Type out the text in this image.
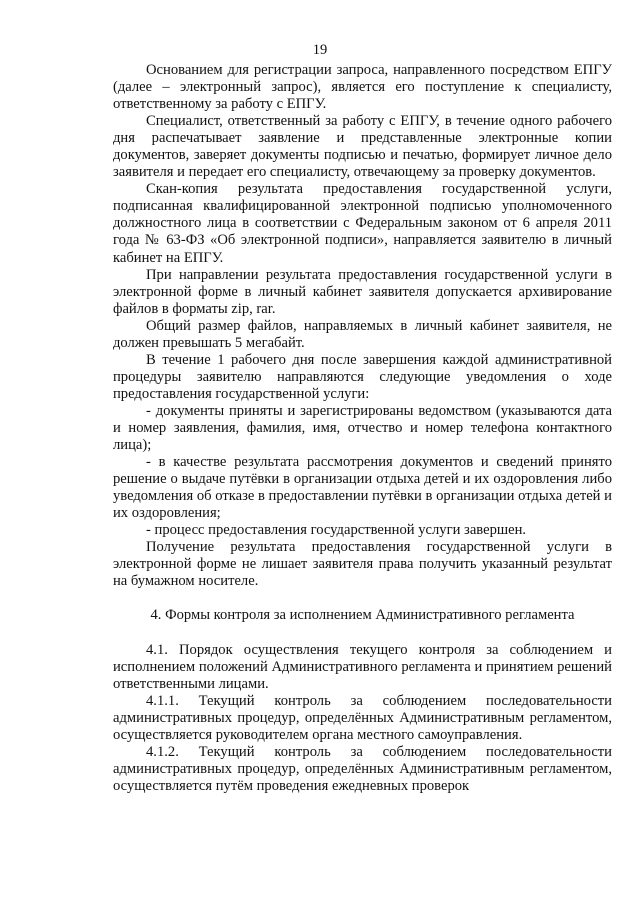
19

Основанием для регистрации запроса, направленного посредством ЕПГУ (далее – электронный запрос), является его поступление к специалисту, ответственному за работу с ЕПГУ.

Специалист, ответственный за работу с ЕПГУ, в течение одного рабочего дня распечатывает заявление и представленные электронные копии документов, заверяет документы подписью и печатью, формирует личное дело заявителя и передает его специалисту, отвечающему за проверку документов.

Скан-копия результата предоставления государственной услуги, подписанная квалифицированной электронной подписью уполномоченного должностного лица в соответствии с Федеральным законом от 6 апреля 2011 года № 63-ФЗ «Об электронной подписи», направляется заявителю в личный кабинет на ЕПГУ.

При направлении результата предоставления государственной услуги в электронной форме в личный кабинет заявителя допускается архивирование файлов в форматы zip, rar.

Общий размер файлов, направляемых в личный кабинет заявителя, не должен превышать 5 мегабайт.

В течение 1 рабочего дня после завершения каждой административной процедуры заявителю направляются следующие уведомления о ходе предоставления государственной услуги:

- документы приняты и зарегистрированы ведомством (указываются дата и номер заявления, фамилия, имя, отчество и номер телефона контактного лица);

- в качестве результата рассмотрения документов и сведений принято решение о выдаче путёвки в организации отдыха детей и их оздоровления либо уведомления об отказе в предоставлении путёвки в организации отдыха детей и их оздоровления;

- процесс предоставления государственной услуги завершен.

Получение результата предоставления государственной услуги в электронной форме не лишает заявителя права получить указанный результат на бумажном носителе.

4. Формы контроля за исполнением Административного регламента

4.1. Порядок осуществления текущего контроля за соблюдением и исполнением положений Административного регламента и принятием решений ответственными лицами.

4.1.1. Текущий контроль за соблюдением последовательности административных процедур, определённых Административным регламентом, осуществляется руководителем органа местного самоуправления.

4.1.2. Текущий контроль за соблюдением последовательности административных процедур, определённых Административным регламентом, осуществляется путём проведения ежедневных проверок
